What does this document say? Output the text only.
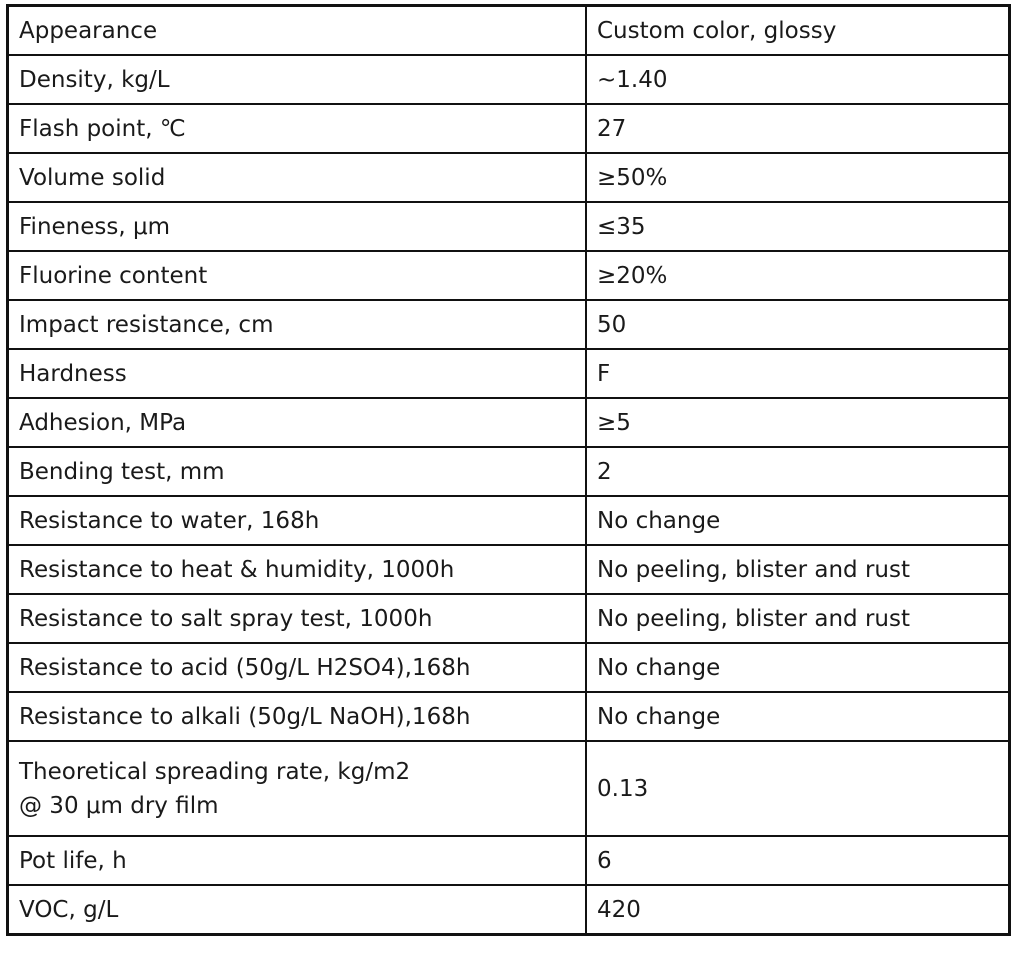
Appearance	Custom color, glossy
Density, kg/L	~1.40
Flash point, ℃	27
Volume solid	≥50%
Fineness, μm	≤35
Fluorine content	≥20%
Impact resistance, cm	50
Hardness	F
Adhesion, MPa	≥5
Bending test, mm	2
Resistance to water, 168h	No change
Resistance to heat & humidity, 1000h	No peeling, blister and rust
Resistance to salt spray test, 1000h	No peeling, blister and rust
Resistance to acid (50g/L H2SO4),168h	No change
Resistance to alkali (50g/L NaOH),168h	No change

Theoretical spreading rate, kg/m2
@ 30 μm dry film	0.13
Pot life, h	6
VOC, g/L	420
